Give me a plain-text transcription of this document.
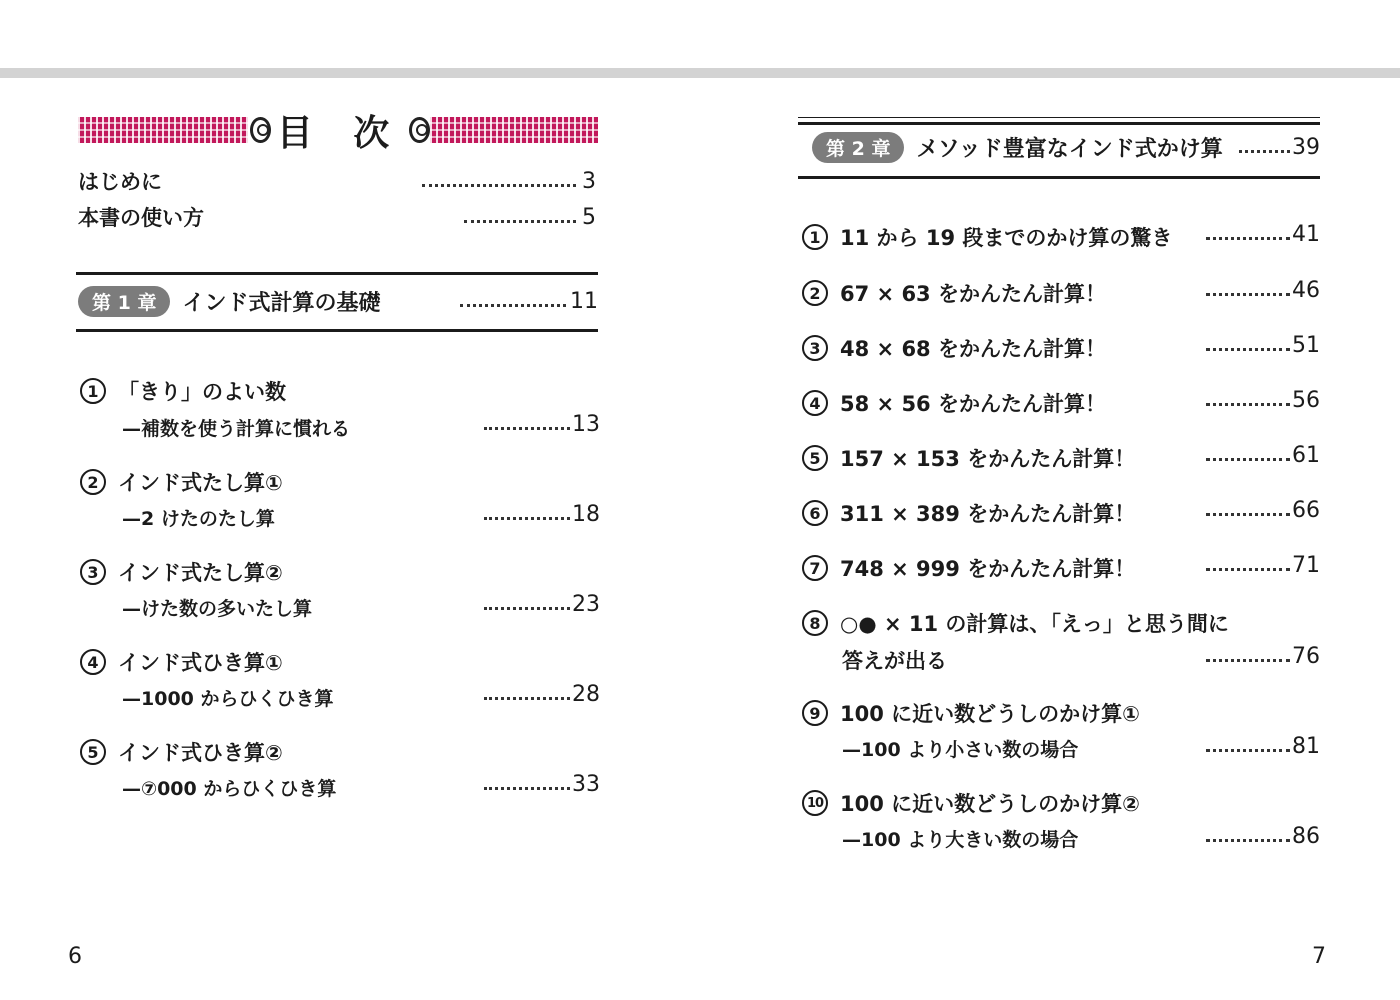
目 次
はじめに	3
本書の使い方	5
第 1 章	インド式計算の基礎	11
1 「きり」のよい数
—補数を使う計算に慣れる	13
2 インド式たし算①
—2 けたのたし算	18
3 インド式たし算②
—けた数の多いたし算	23
4 インド式ひき算①
—1000 からひくひき算	28
5 インド式ひき算②
—⑦000 からひくひき算	33
6
第 2 章	メソッド豊富なインド式かけ算	39
1 11 から 19 段までのかけ算の驚き	41
2 67 × 63 をかんたん計算！	46
3 48 × 68 をかんたん計算！	51
4 58 × 56 をかんたん計算！	56
5 157 × 153 をかんたん計算！	61
6 311 × 389 をかんたん計算！	66
7 748 × 999 をかんたん計算！	71
8 ○● × 11 の計算は、「えっ」と思う間に
答えが出る	76
9 100 に近い数どうしのかけ算①
—100 より小さい数の場合	81
10 100 に近い数どうしのかけ算②
—100 より大きい数の場合	86
7
